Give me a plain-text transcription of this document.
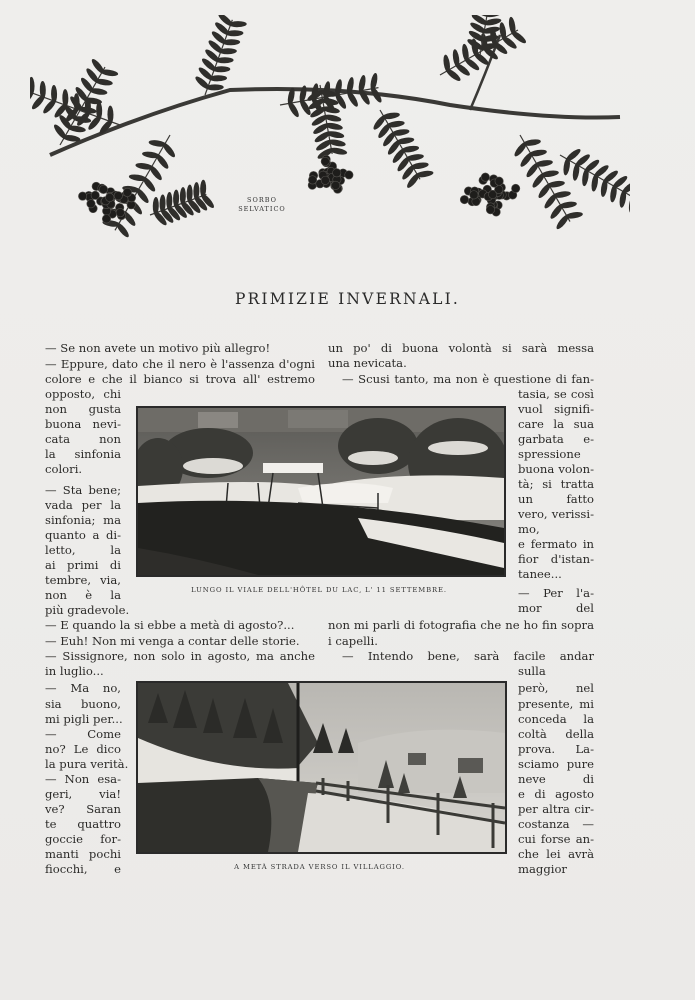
SORBO
SELVATICO
PRIMIZIE INVERNALI.
— Se non avete un motivo più allegro!
— Eppure, dato che il nero è l'assenza d'ogni
colore e che il bianco si trova all' estremo
opposto, chi
non gusta
buona nevi-
cata non
la sinfonia
colori.
— Sta bene;
vada per la
sinfonia; ma
quanto a di-
letto, la
ai primi di
tembre, via,
non è la
più gradevole.
— E quando la si ebbe a metà di agosto?...
— Euh! Non mi venga a contar delle storie.
— Sissignore, non solo in agosto, ma anche
in luglio...
— Ma no,
sia buono,
mi pigli per...
— Come
no? Le dico
la pura verità.
— Non esa-
geri, via!
ve? Saran
te quattro
goccie for-
manti pochi
fiocchi, e
un po' di buona volontà si sarà messa
una nevicata.
— Scusi tanto, ma non è questione di fan-
tasia, se così
vuol signifi-
care la sua
garbata e-
spressione
buona volon-
tà; si tratta
un fatto
vero, verissi-
mo,
e fermato in
fior d'istan-
tanee...
— Per l'a-
mor del
non mi parli di fotografia che ne ho fin sopra
i capelli.
— Intendo bene, sarà facile andar
sulla
però, nel
presente, mi
conceda la
coltà della
prova. La-
sciamo pure
neve di
e di agosto
per altra cir-
costanza —
cui forse an-
che lei avrà
maggior
LUNGO IL VIALE DELL'HÔTEL DU LAC, L' 11 SETTEMBRE.
A METÀ STRADA VERSO IL VILLAGGIO.
